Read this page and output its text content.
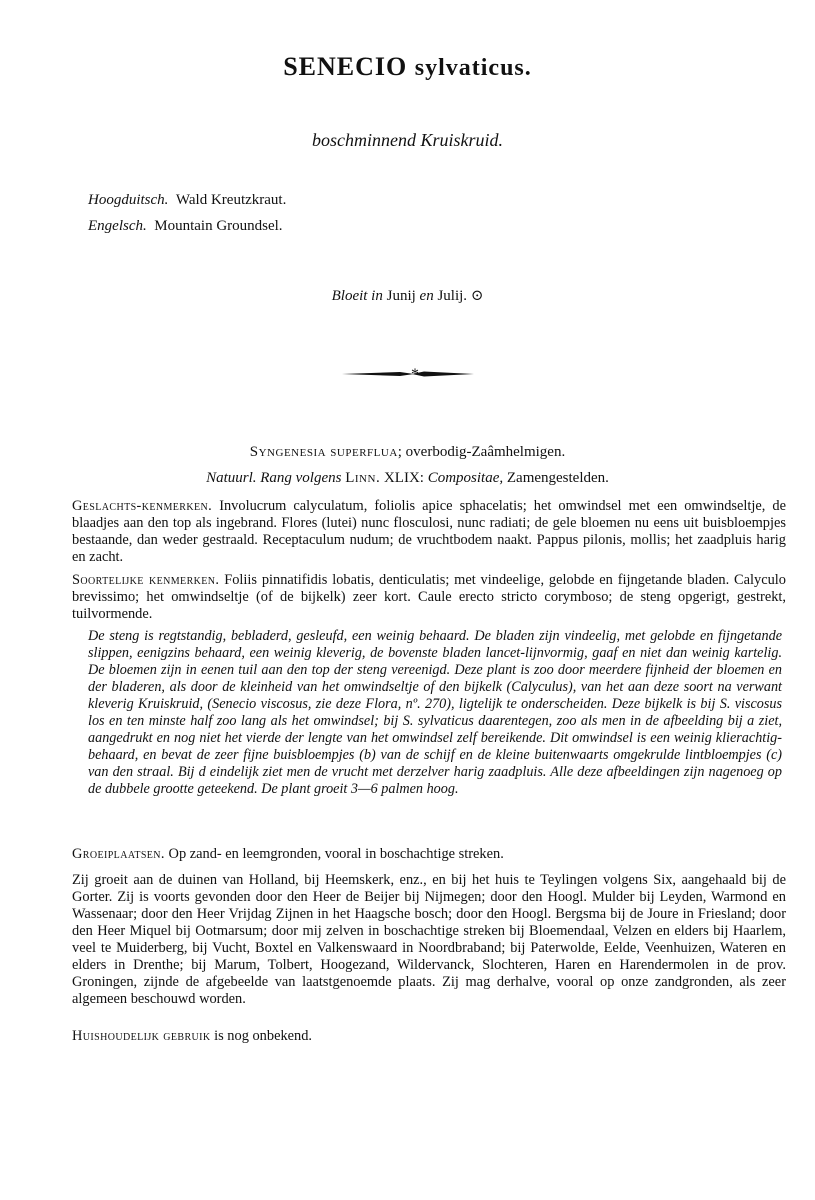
SENECIO sylvaticus.
boschminnend Kruiskruid.
Hoogduitsch. Wald Kreutzkraut.
Engelsch. Mountain Groundsel.
Bloeit in Junij en Julij. ⊙
*
Syngenesia superflua; overbodig-Zaâmhelmigen.
Natuurl. Rang volgens Linn. XLIX: Compositae, Zamengestelden.

Geslachts-kenmerken. Involucrum calyculatum, foliolis apice sphacelatis; het omwindsel met een omwindseltje, de blaadjes aan den top als ingebrand. Flores (lutei) nunc flosculosi, nunc radiati; de gele bloemen nu eens uit buisbloempjes bestaande, dan weder gestraald. Receptaculum nudum; de vruchtbodem naakt. Pappus pilonis, mollis; het zaadpluis harig en zacht.

Soortelijke kenmerken. Foliis pinnatifidis lobatis, denticulatis; met vindeelige, gelobde en fijngetande bladen. Calyculo brevissimo; het omwindseltje (of de bijkelk) zeer kort. Caule erecto stricto corymboso; de steng opgerigt, gestrekt, tuilvormende.

De steng is regtstandig, bebladerd, gesleufd, een weinig behaard. De bladen zijn vindeelig, met gelobde en fijngetande slippen, eenigzins behaard, een weinig kleverig, de bovenste bladen lancet-lijnvormig, gaaf en niet dan weinig kartelig. De bloemen zijn in eenen tuil aan den top der steng vereenigd. Deze plant is zoo door meerdere fijnheid der bloemen en der bladeren, als door de kleinheid van het omwindseltje of den bijkelk (Calyculus), van het aan deze soort na verwant kleverig Kruiskruid, (Senecio viscosus, zie deze Flora, nº. 270), ligtelijk te onderscheiden. Deze bijkelk is bij S. viscosus los en ten minste half zoo lang als het omwindsel; bij S. sylvaticus daarentegen, zoo als men in de afbeelding bij a ziet, aangedrukt en nog niet het vierde der lengte van het omwindsel zelf bereikende. Dit omwindsel is een weinig klierachtig-behaard, en bevat de zeer fijne buisbloempjes (b) van de schijf en de kleine buitenwaarts omgekrulde lintbloempjes (c) van den straal. Bij d eindelijk ziet men de vrucht met derzelver harig zaadpluis. Alle deze afbeeldingen zijn nagenoeg op de dubbele grootte geteekend. De plant groeit 3—6 palmen hoog.

Groeiplaatsen. Op zand- en leemgronden, vooral in boschachtige streken.

Zij groeit aan de duinen van Holland, bij Heemskerk, enz., en bij het huis te Teylingen volgens Six, aangehaald bij de Gorter. Zij is voorts gevonden door den Heer de Beijer bij Nijmegen; door den Hoogl. Mulder bij Leyden, Warmond en Wassenaar; door den Heer Vrijdag Zijnen in het Haagsche bosch; door den Hoogl. Bergsma bij de Joure in Friesland; door den Heer Miquel bij Ootmarsum; door mij zelven in boschachtige streken bij Bloemendaal, Velzen en elders bij Haarlem, veel te Muiderberg, bij Vucht, Boxtel en Valkenswaard in Noordbraband; bij Paterwolde, Eelde, Veenhuizen, Wateren en elders in Drenthe; bij Marum, Tolbert, Hoogezand, Wildervanck, Slochteren, Haren en Harendermolen in de prov. Groningen, zijnde de afgebeelde van laatstgenoemde plaats. Zij mag derhalve, vooral op onze zandgronden, als zeer algemeen beschouwd worden.

Huishoudelijk gebruik is nog onbekend.
